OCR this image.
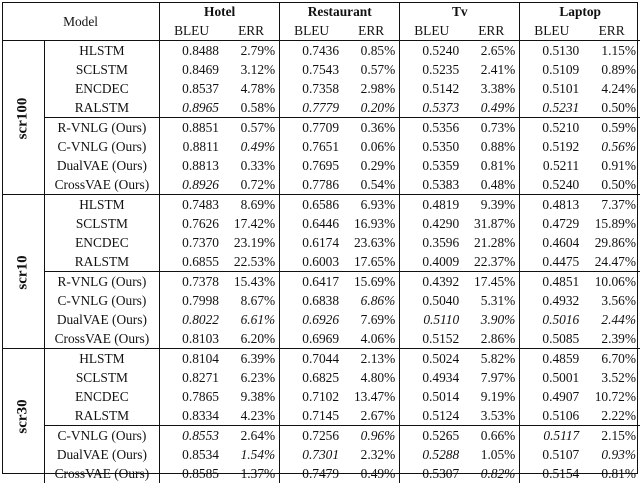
Model		Hotel		Restaurant		Tv		Laptop	
		BLEU	ERR	BLEU	ERR	BLEU	ERR	BLEU	ERR
scr100	HLSTM	0.8488	2.79%	0.7436	0.85%	0.5240	2.65%	0.5130	1.15%
	SCLSTM	0.8469	3.12%	0.7543	0.57%	0.5235	2.41%	0.5109	0.89%
	ENCDEC	0.8537	4.78%	0.7358	2.98%	0.5142	3.38%	0.5101	4.24%
	RALSTM	0.8965	0.58%	0.7779	0.20%	0.5373	0.49%	0.5231	0.50%
	R-VNLG (Ours)	0.8851	0.57%	0.7709	0.36%	0.5356	0.73%	0.5210	0.59%
	C-VNLG (Ours)	0.8811	0.49%	0.7651	0.06%	0.5350	0.88%	0.5192	0.56%
	DualVAE (Ours)	0.8813	0.33%	0.7695	0.29%	0.5359	0.81%	0.5211	0.91%
	CrossVAE (Ours)	0.8926	0.72%	0.7786	0.54%	0.5383	0.48%	0.5240	0.50%
scr10	HLSTM	0.7483	8.69%	0.6586	6.93%	0.4819	9.39%	0.4813	7.37%
	SCLSTM	0.7626	17.42%	0.6446	16.93%	0.4290	31.87%	0.4729	15.89%
	ENCDEC	0.7370	23.19%	0.6174	23.63%	0.3596	21.28%	0.4604	29.86%
	RALSTM	0.6855	22.53%	0.6003	17.65%	0.4009	22.37%	0.4475	24.47%
	R-VNLG (Ours)	0.7378	15.43%	0.6417	15.69%	0.4392	17.45%	0.4851	10.06%
	C-VNLG (Ours)	0.7998	8.67%	0.6838	6.86%	0.5040	5.31%	0.4932	3.56%
	DualVAE (Ours)	0.8022	6.61%	0.6926	7.69%	0.5110	3.90%	0.5016	2.44%
	CrossVAE (Ours)	0.8103	6.20%	0.6969	4.06%	0.5152	2.86%	0.5085	2.39%
scr30	HLSTM	0.8104	6.39%	0.7044	2.13%	0.5024	5.82%	0.4859	6.70%
	SCLSTM	0.8271	6.23%	0.6825	4.80%	0.4934	7.97%	0.5001	3.52%
	ENCDEC	0.7865	9.38%	0.7102	13.47%	0.5014	9.19%	0.4907	10.72%
	RALSTM	0.8334	4.23%	0.7145	2.67%	0.5124	3.53%	0.5106	2.22%
	C-VNLG (Ours)	0.8553	2.64%	0.7256	0.96%	0.5265	0.66%	0.5117	2.15%
	DualVAE (Ours)	0.8534	1.54%	0.7301	2.32%	0.5288	1.05%	0.5107	0.93%
	CrossVAE (Ours)	0.8585	1.37%	0.7479	0.49%	0.5307	0.82%	0.5154	0.81%
